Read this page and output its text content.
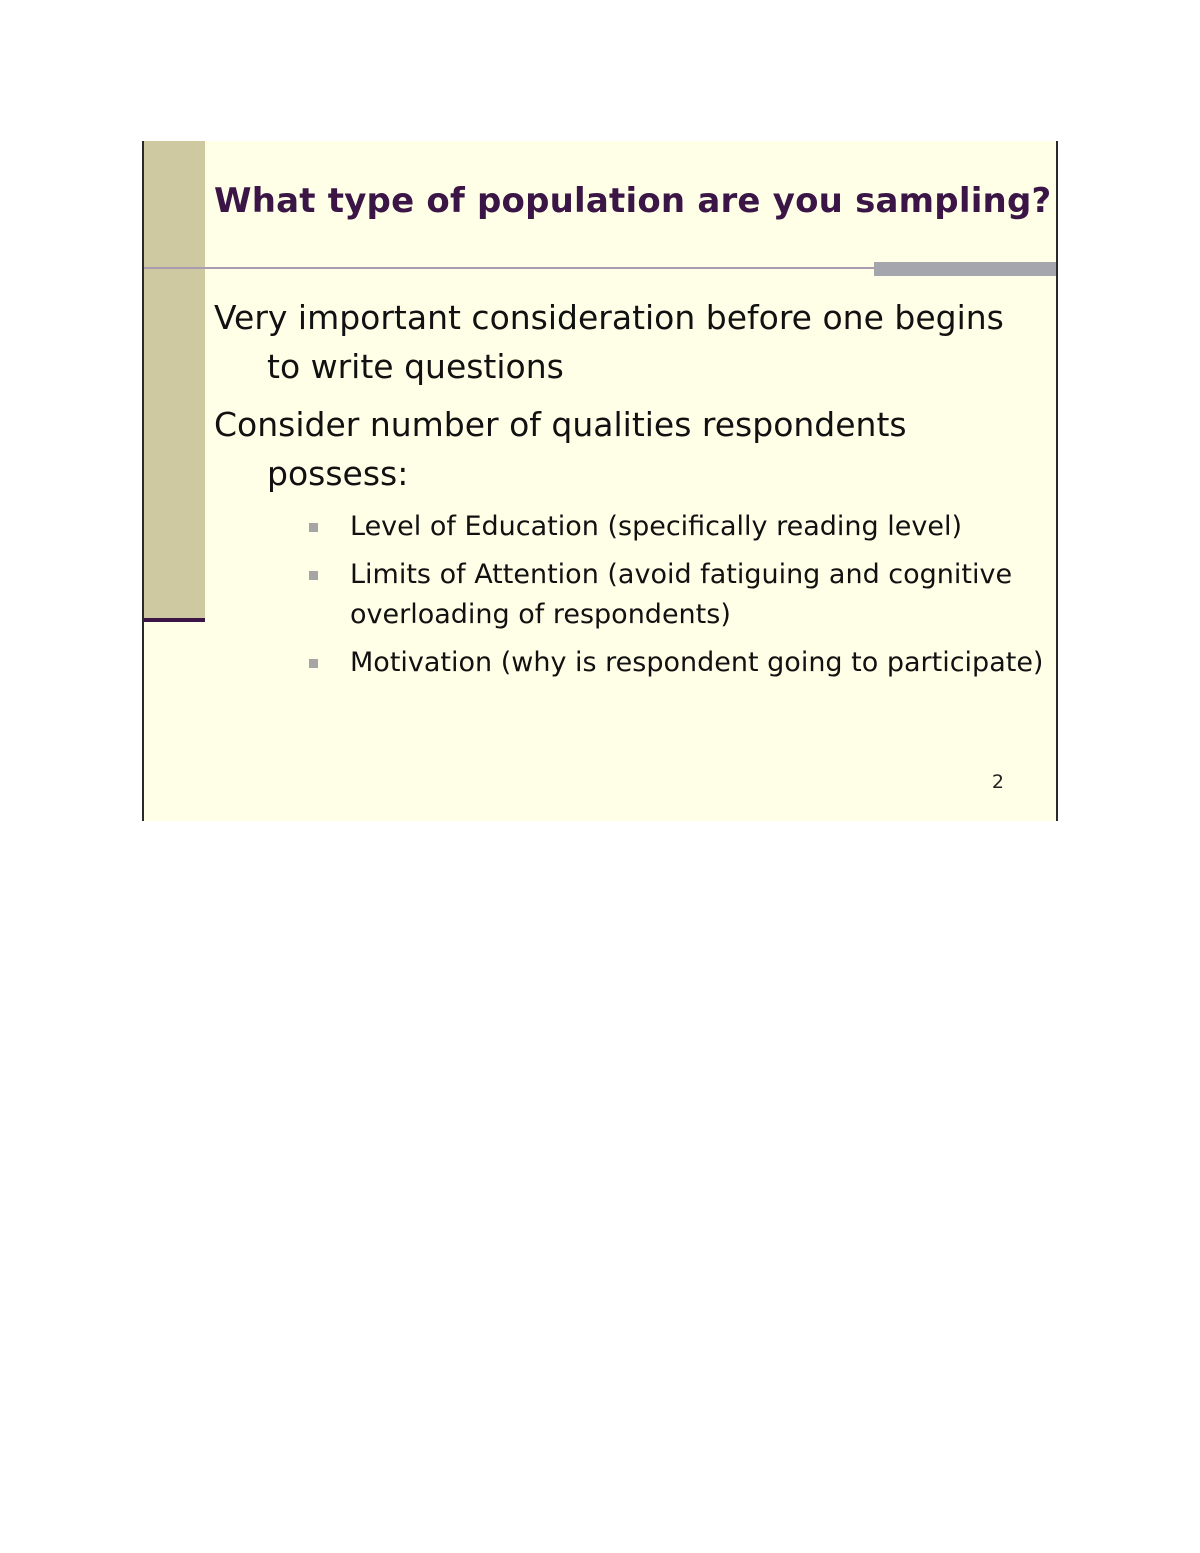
What type of population are you sampling?

Very important consideration before one begins to write questions

Consider number of qualities respondents possess:

Level of Education (specifically reading level)
Limits of Attention (avoid fatiguing and cognitive overloading of respondents)
Motivation (why is respondent going to participate)
2
